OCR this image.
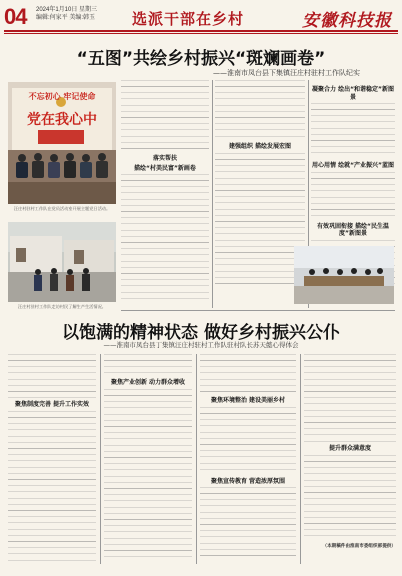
04 2024年1月10日 星期三
编辑:何家平 美编:韩玉 选派干部在乡村	安徽科技报
“五图”共绘乡村振兴“斑斓画卷”
——淮南市凤台县下集镇汪庄村驻村工作队纪实
不忘初心 牢记使命
党在我心中
汪庄村驻村工作队在党员活动室开展主题党日活动。
汪庄村驻村工作队走访村民了解生产生活情况。
落实帮扶
描绘“村美民富”新画卷
建强组织 描绘发展宏图
凝聚合力 绘出“和谐稳定”新图景
用心用情 绘就“产业振兴”蓝图
有效巩固衔接 描绘“民生温度”新图景
以饱满的精神状态 做好乡村振兴公仆
——淮南市凤台县丁集镇汪庄村驻村工作队驻村队长苏天懿心得体会
聚焦制度完善 提升工作实效
聚焦产业创新 动力群众增收
聚焦环境整治 建设美丽乡村
聚焦宣传教育 营造浓厚氛围
提升群众满意度
（本期稿件由淮南市委组织部提供）
